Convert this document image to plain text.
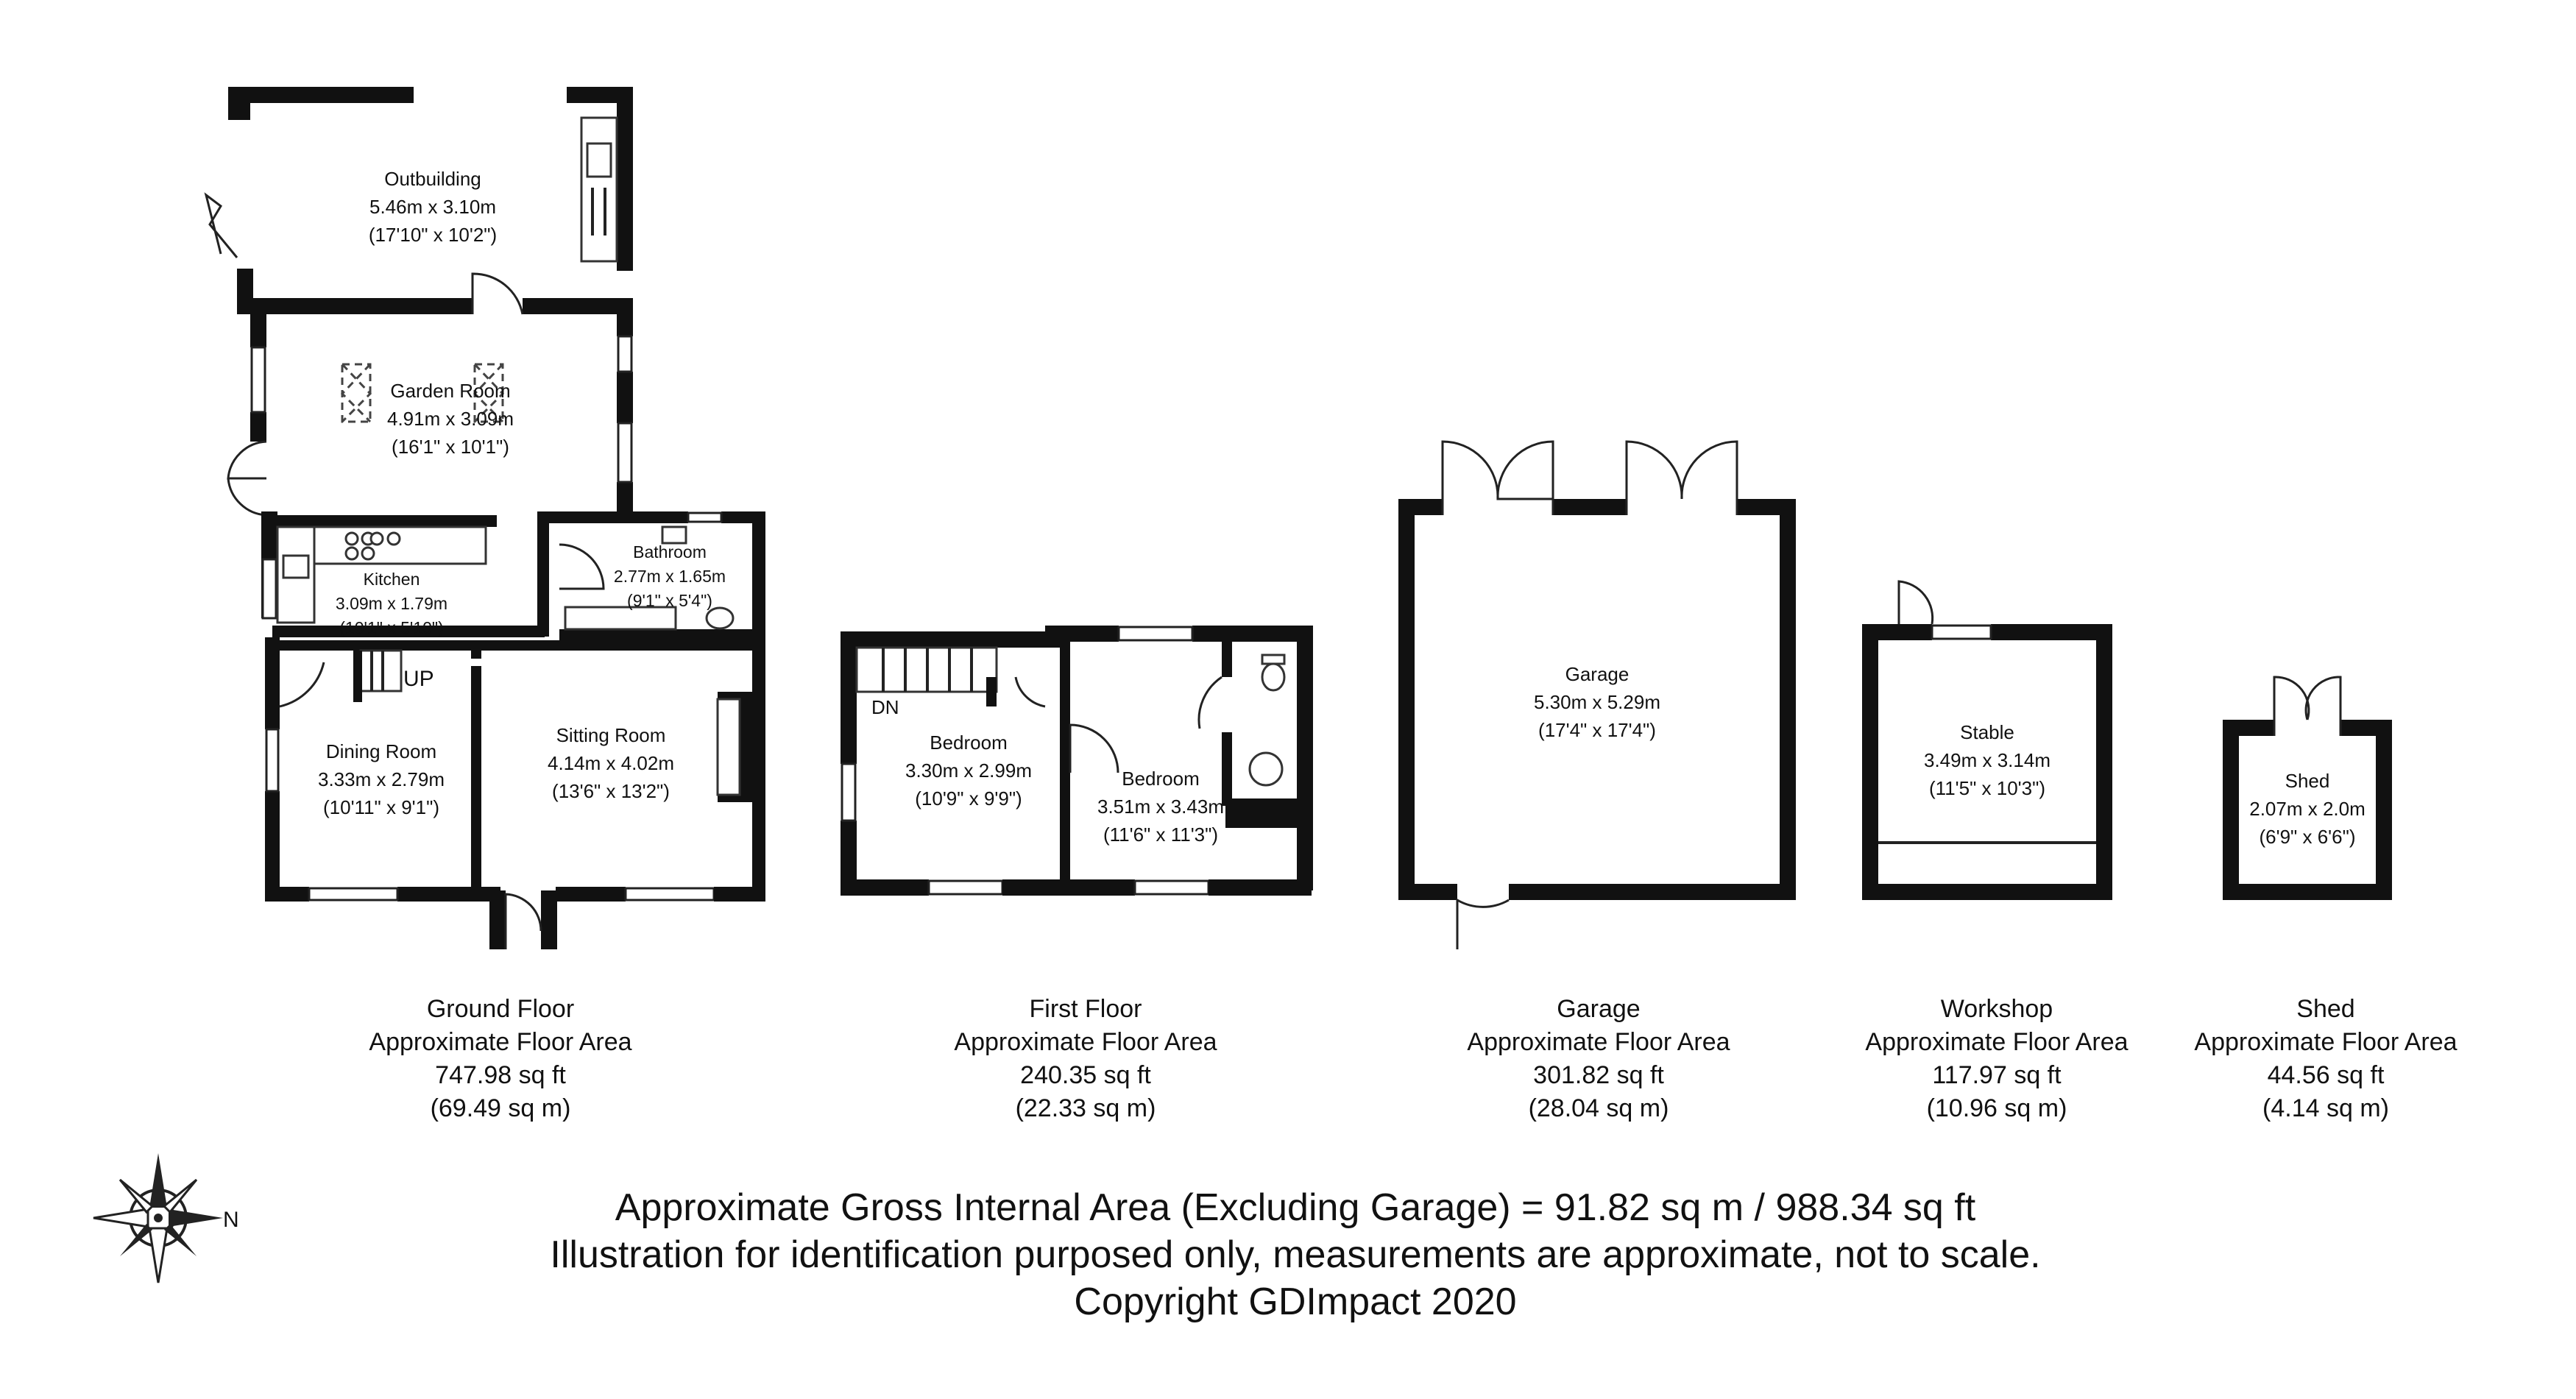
Outbuilding
5.46m x 3.10m
(17'10" x 10'2")
Garden Room
4.91m x 3.09m
(16'1" x 10'1")
Kitchen
3.09m x 1.79m
(10'1" x 5'10")
Bathroom
2.77m x 1.65m
(9'1" x 5'4")
UP
Dining Room
3.33m x 2.79m
(10'11" x 9'1")
Sitting Room
4.14m x 4.02m
(13'6" x 13'2")
DN
Bedroom
3.30m x 2.99m
(10'9" x 9'9")
Bedroom
3.51m x 3.43m
(11'6" x 11'3")
Garage
5.30m x 5.29m
(17'4" x 17'4")	Stable
3.49m x 3.14m
(11'5" x 10'3")	Shed
2.07m x 2.0m
(6'9" x 6'6")
Ground Floor
Approximate Floor Area
747.98 sq ft
(69.49 sq m)
First Floor
Approximate Floor Area
240.35 sq ft
(22.33 sq m)
Garage
Approximate Floor Area
301.82 sq ft
(28.04 sq m)
Workshop
Approximate Floor Area
117.97 sq ft
(10.96 sq m)
Shed
Approximate Floor Area
44.56 sq ft
(4.14 sq m)
N	Approximate Gross Internal Area (Excluding Garage) = 91.82 sq m / 988.34 sq ft
Illustration for identification purposed only, measurements are approximate, not to scale.
Copyright GDImpact 2020
